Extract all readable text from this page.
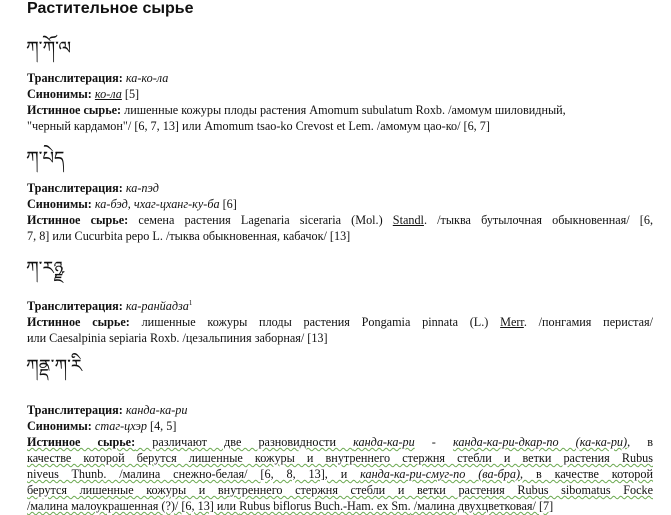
Растительное сырье
ཀ་ཀོ་ལ
Транслитерация: ка-ко-ла
Синонимы: ко-ла [5]
Истинное сырье: лишенные кожуры плоды растения Amomum subulatum Roxb. /амомум шиловидный,
"черный кардамон"/ [6, 7, 13] или Amomum tsao-ko Crevost et Lem. /амомум цао-ко/ [6, 7]
ཀ་པེད
Транслитерация: ка-пэд
Синонимы: ка-бэд, чхаг-цханг-ку-ба [6]
Истинное сырье: семена растения Lagenaria siceraria (Mol.) Standl. /тыква бутылочная обыкновенная/ [6,
7, 8] или Cucurbita pepo L. /тыква обыкновенная, кабачок/ [13]
ཀ་རཉྫ
Транслитерация: ка-ранйадза$^1$
Истинное сырье: лишенные кожуры плоды растения Pongamia pinnata (L.) Merr. /понгамия перистая/
или Caesalpinia sepiaria Roxb. /цезальпиния заборная/ [13]
ཀནྡ་ཀ་རི
Транслитерация: канда-ка-ри
Синонимы: стаг-цхэр [4, 5]
Истинное сырье: различают две разновидности канда-ка-ри - канда-ка-ри-дкар-по (ка-ка-ри), в
качестве которой берутся лишенные кожуры и внутреннего стержня стебли и ветки растения Rubus
niveus Thunb. /малина снежно-белая/ [6, 8, 13], и канда-ка-ри-смуг-по (ва-бра), в качестве которой
берутся лишенные кожуры и внутреннего стержня стебли и ветки растения Rubus sibomatus Focke
/малина малоукрашенная (?)/ [6, 13] или Rubus biflorus Buch.-Ham. ex Sm. /малина двухцветковая/ [7]
